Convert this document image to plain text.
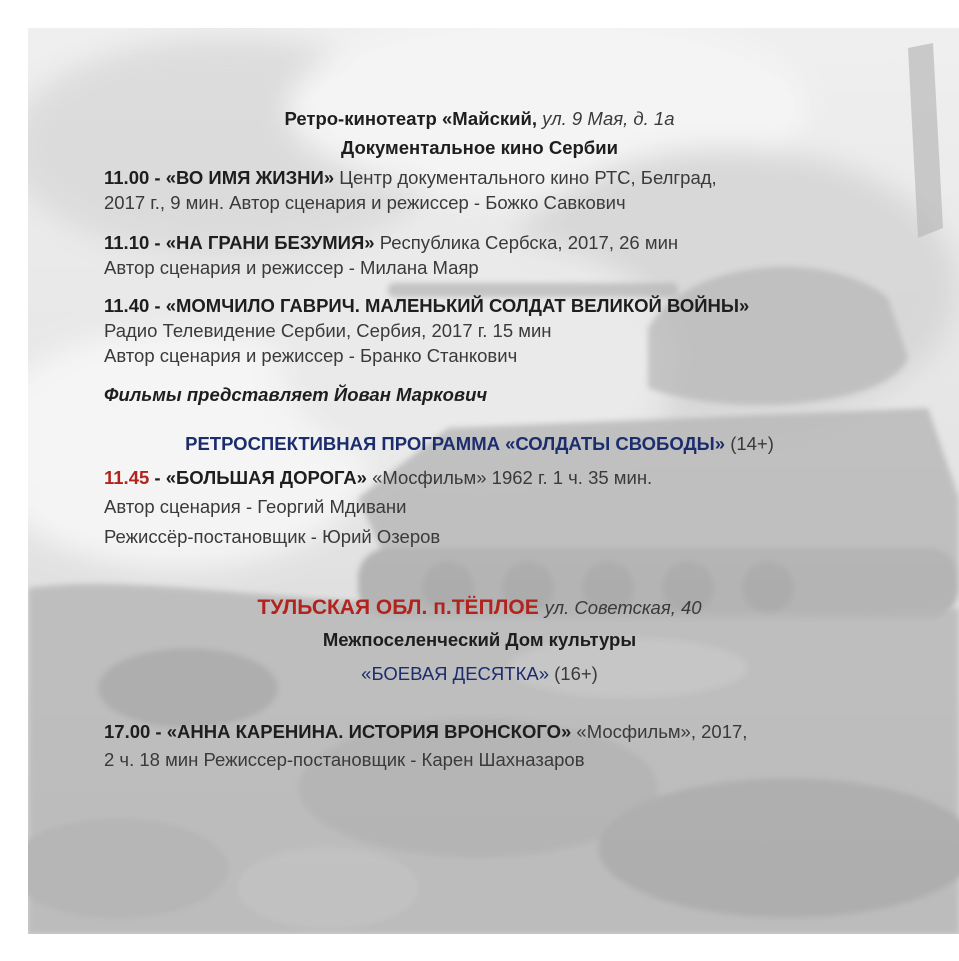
Ретро-кинотеатр «Майский, ул. 9 Мая, д. 1а
Документальное кино Сербии
11.00 - «ВО ИМЯ ЖИЗНИ» Центр документального кино РТС, Белград,
2017 г., 9 мин. Автор сценария и режиссер - Божко Савкович
11.10 - «НА ГРАНИ БЕЗУМИЯ» Республика Сербска, 2017, 26 мин
Автор сценария и режиссер - Милана Маяр
11.40 - «МОМЧИЛО ГАВРИЧ. МАЛЕНЬКИЙ СОЛДАТ ВЕЛИКОЙ ВОЙНЫ»
Радио Телевидение Сербии, Сербия, 2017 г. 15 мин
Автор сценария и режиссер - Бранко Станкович
Фильмы представляет Йован Маркович
РЕТРОСПЕКТИВНАЯ ПРОГРАММА «СОЛДАТЫ СВОБОДЫ» (14+)
11.45 - «БОЛЬШАЯ ДОРОГА» «Мосфильм» 1962 г. 1 ч. 35 мин.
Автор сценария - Георгий Мдивани
Режиссёр-постановщик - Юрий Озеров
ТУЛЬСКАЯ ОБЛ. п.ТЁПЛОЕ ул. Советская, 40
Межпоселенческий Дом культуры
«БОЕВАЯ ДЕСЯТКА» (16+)
17.00 - «АННА КАРЕНИНА. ИСТОРИЯ ВРОНСКОГО» «Мосфильм», 2017,
2 ч. 18 мин Режиссер-постановщик - Карен Шахназаров
